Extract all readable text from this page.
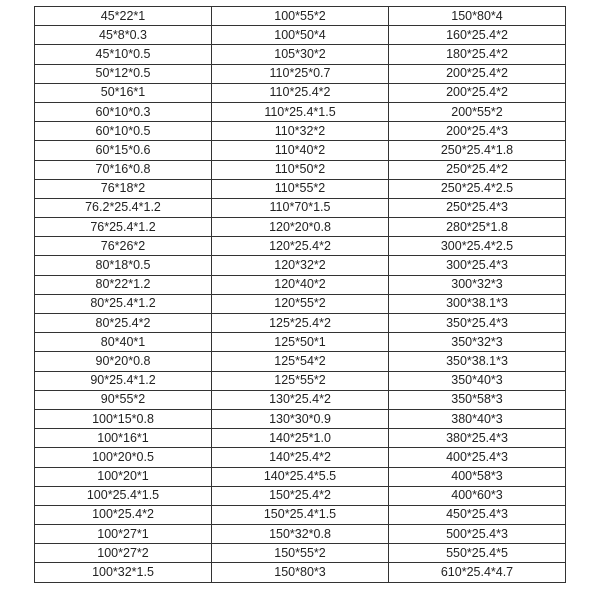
45*22*1	100*55*2	150*80*4
45*8*0.3	100*50*4	160*25.4*2
45*10*0.5	105*30*2	180*25.4*2
50*12*0.5	110*25*0.7	200*25.4*2
50*16*1	110*25.4*2	200*25.4*2
60*10*0.3	110*25.4*1.5	200*55*2
60*10*0.5	110*32*2	200*25.4*3
60*15*0.6	110*40*2	250*25.4*1.8
70*16*0.8	110*50*2	250*25.4*2
76*18*2	110*55*2	250*25.4*2.5
76.2*25.4*1.2	110*70*1.5	250*25.4*3
76*25.4*1.2	120*20*0.8	280*25*1.8
76*26*2	120*25.4*2	300*25.4*2.5
80*18*0.5	120*32*2	300*25.4*3
80*22*1.2	120*40*2	300*32*3
80*25.4*1.2	120*55*2	300*38.1*3
80*25.4*2	125*25.4*2	350*25.4*3
80*40*1	125*50*1	350*32*3
90*20*0.8	125*54*2	350*38.1*3
90*25.4*1.2	125*55*2	350*40*3
90*55*2	130*25.4*2	350*58*3
100*15*0.8	130*30*0.9	380*40*3
100*16*1	140*25*1.0	380*25.4*3
100*20*0.5	140*25.4*2	400*25.4*3
100*20*1	140*25.4*5.5	400*58*3
100*25.4*1.5	150*25.4*2	400*60*3
100*25.4*2	150*25.4*1.5	450*25.4*3
100*27*1	150*32*0.8	500*25.4*3
100*27*2	150*55*2	550*25.4*5
100*32*1.5	150*80*3	610*25.4*4.7
